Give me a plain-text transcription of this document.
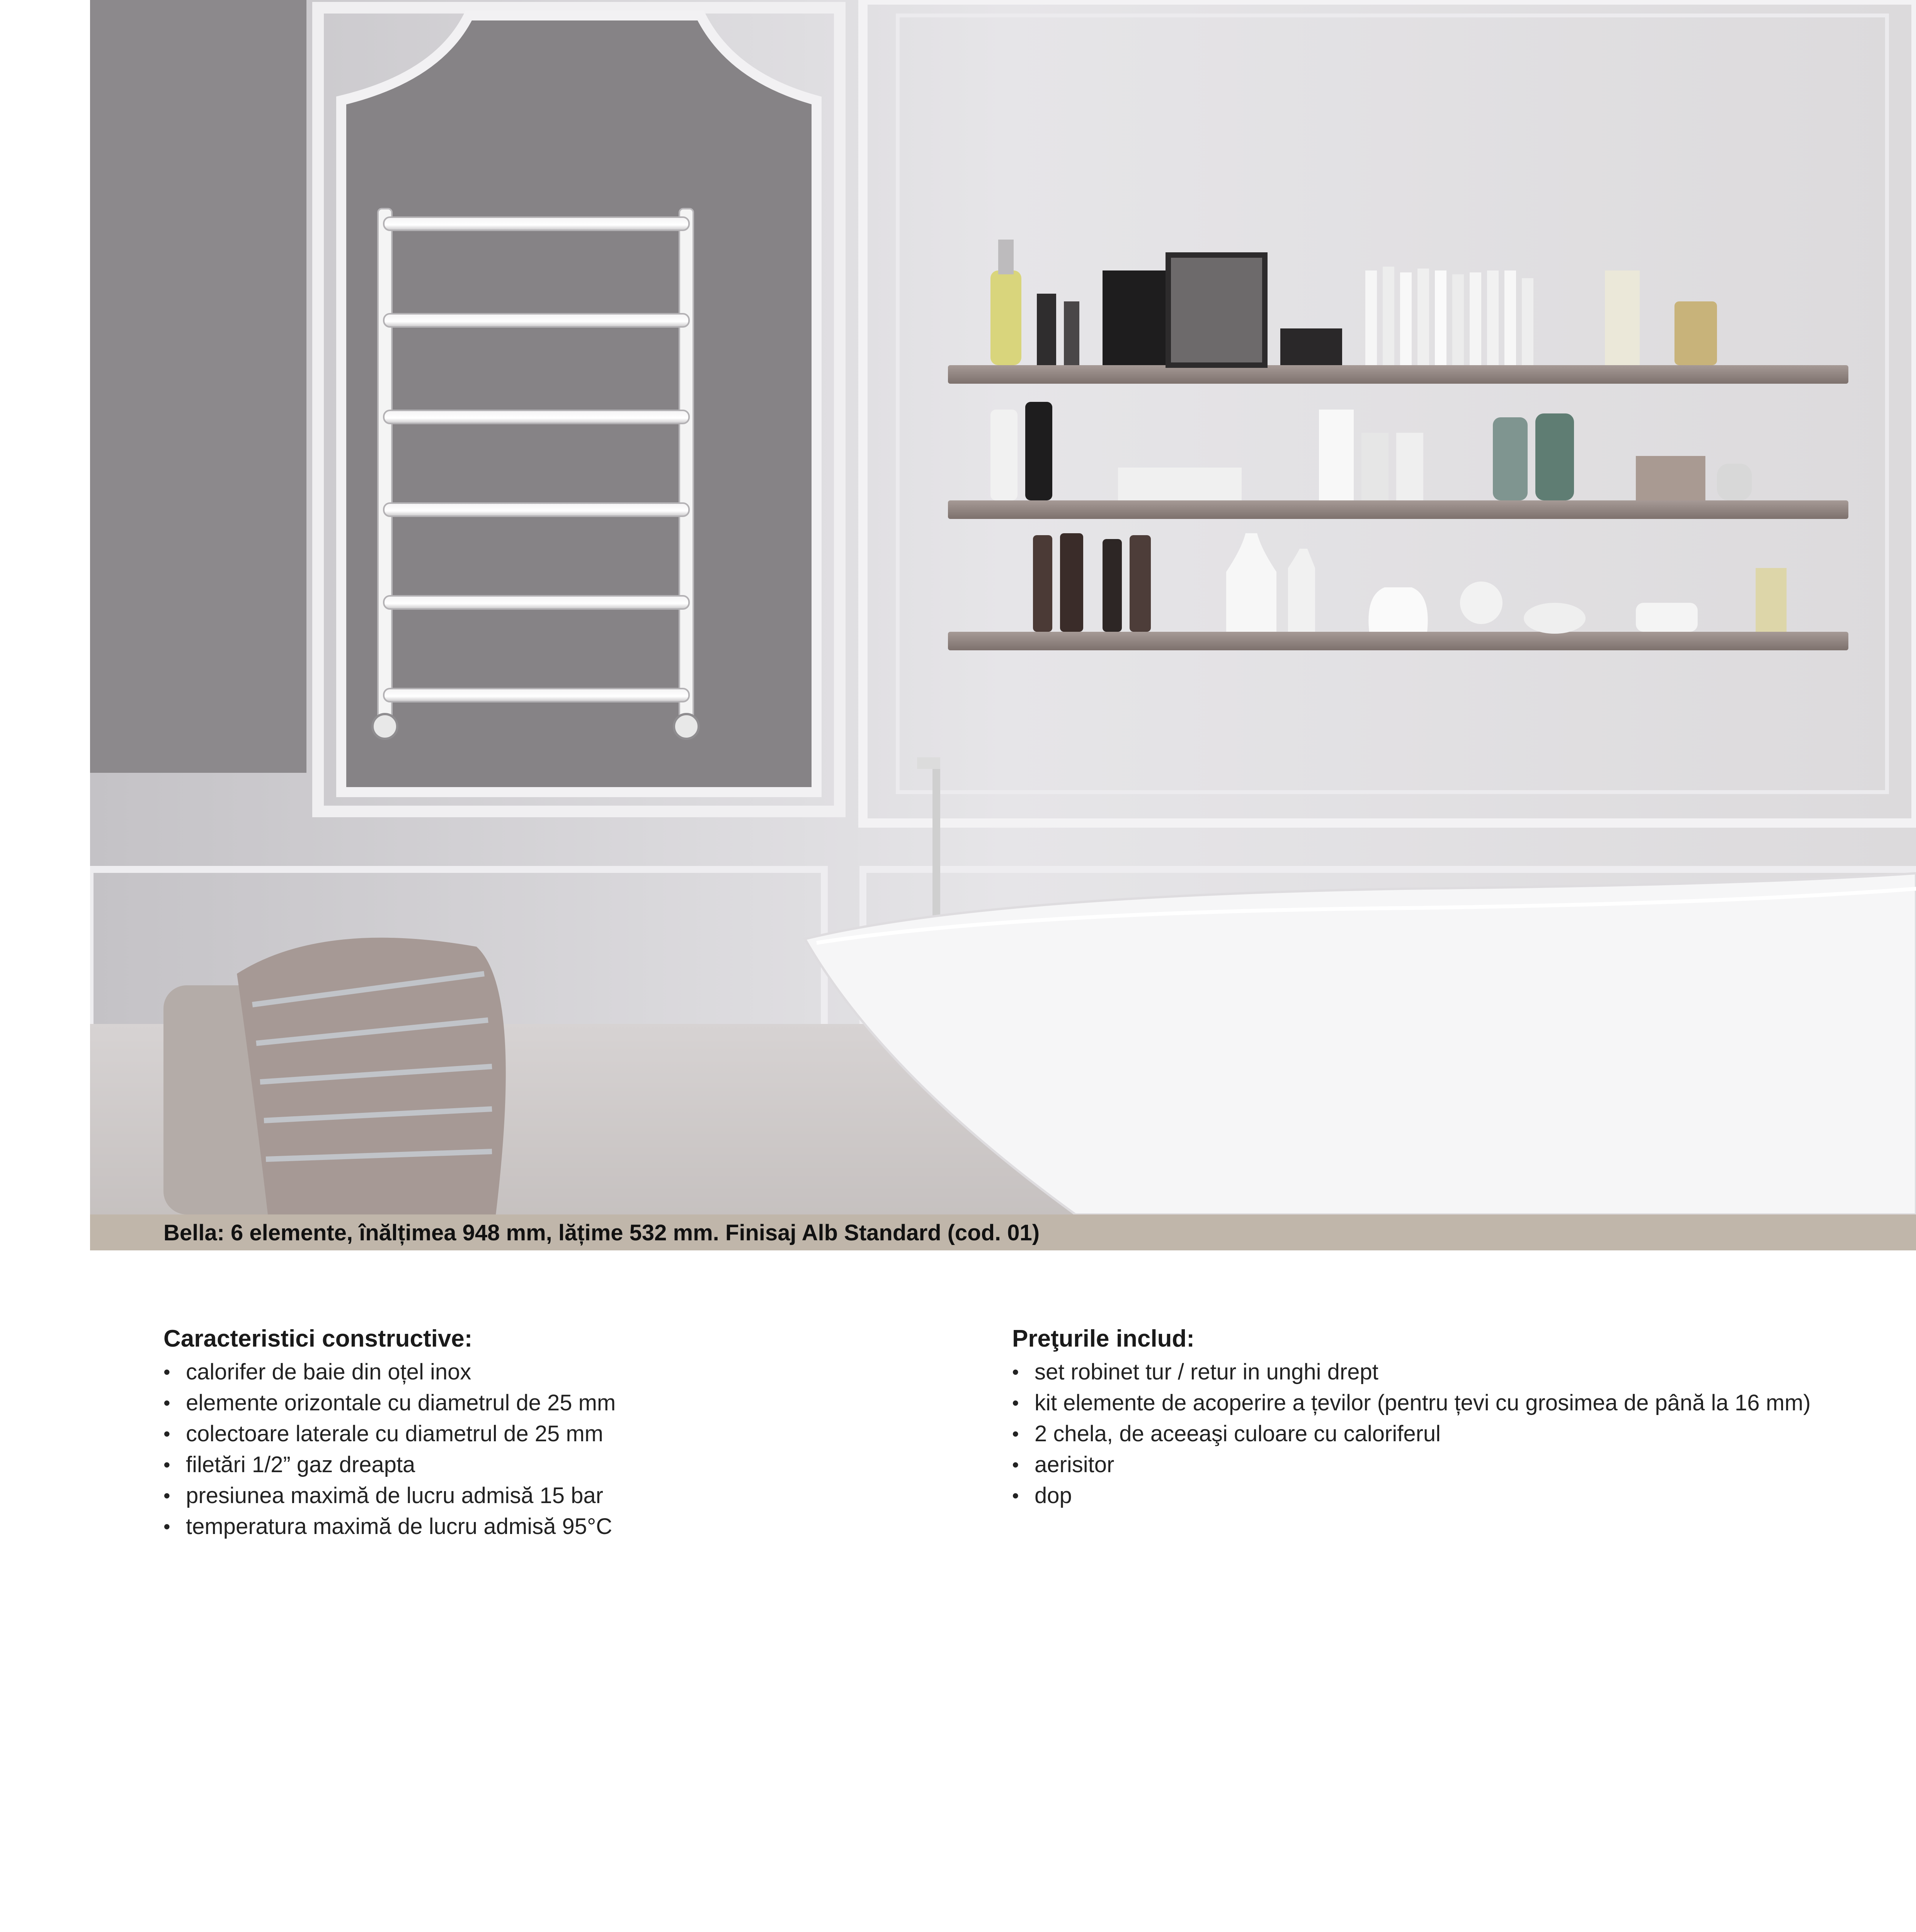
Bella: 6 elemente, înălțimea 948 mm, lățime 532 mm. Finisaj Alb Standard (cod. 01)
Caracteristici constructive:
• calorifer de baie din oțel inox
• elemente orizontale cu diametrul de 25 mm
• colectoare laterale cu diametrul de 25 mm
• filetări 1/2” gaz dreapta
• presiunea maximă de lucru admisă 15 bar
• temperatura maximă de lucru admisă 95°C
Preţurile includ:
• set robinet tur / retur in unghi drept
• kit elemente de acoperire a țevilor (pentru țevi cu grosimea de până la 16 mm)
• 2 chela, de aceeaşi culoare cu caloriferul
• aerisitor
• dop
